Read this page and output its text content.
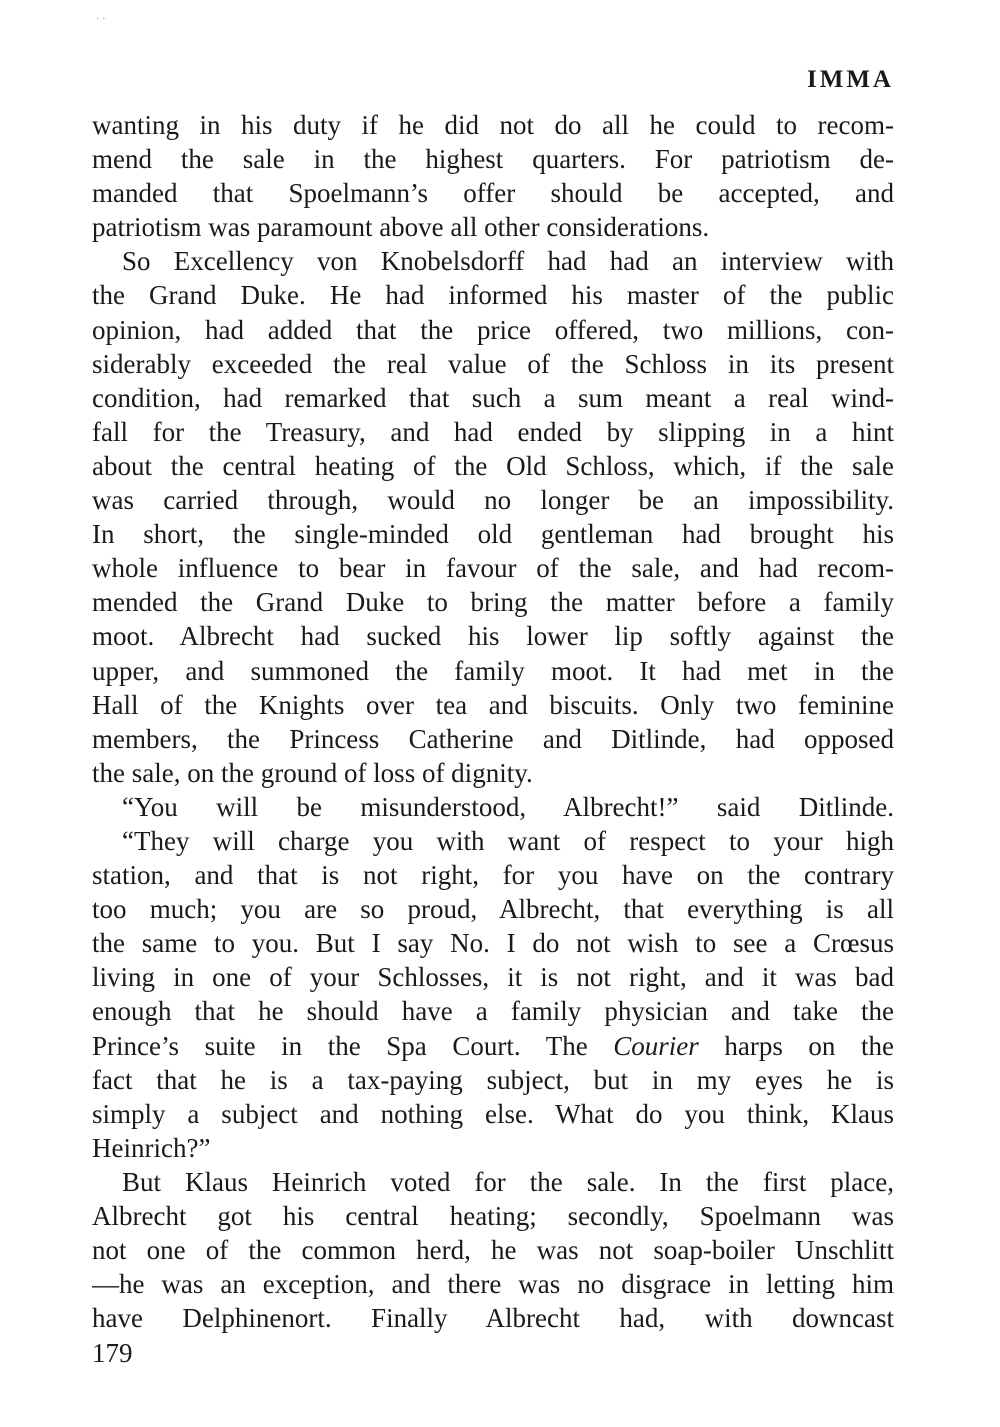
IMMA
wanting in his duty if he did not do all he could to recom-
mend the sale in the highest quarters. For patriotism de-
manded that Spoelmann’s offer should be accepted, and
patriotism was paramount above all other considerations.
So Excellency von Knobelsdorff had had an interview with
the Grand Duke. He had informed his master of the public
opinion, had added that the price offered, two millions, con-
siderably exceeded the real value of the Schloss in its present
condition, had remarked that such a sum meant a real wind-
fall for the Treasury, and had ended by slipping in a hint
about the central heating of the Old Schloss, which, if the sale
was carried through, would no longer be an impossibility.
In short, the single-minded old gentleman had brought his
whole influence to bear in favour of the sale, and had recom-
mended the Grand Duke to bring the matter before a family
moot. Albrecht had sucked his lower lip softly against the
upper, and summoned the family moot. It had met in the
Hall of the Knights over tea and biscuits. Only two feminine
members, the Princess Catherine and Ditlinde, had opposed
the sale, on the ground of loss of dignity.
“You will be misunderstood, Albrecht!” said Ditlinde.
“They will charge you with want of respect to your high
station, and that is not right, for you have on the contrary
too much; you are so proud, Albrecht, that everything is all
the same to you. But I say No. I do not wish to see a Crœsus
living in one of your Schlosses, it is not right, and it was bad
enough that he should have a family physician and take the
Prince’s suite in the Spa Court. The Courier harps on the
fact that he is a tax-paying subject, but in my eyes he is
simply a subject and nothing else. What do you think, Klaus
Heinrich?”
But Klaus Heinrich voted for the sale. In the first place,
Albrecht got his central heating; secondly, Spoelmann was
not one of the common herd, he was not soap-boiler Unschlitt
—he was an exception, and there was no disgrace in letting him
have Delphinenort. Finally Albrecht had, with downcast
179
· ·
